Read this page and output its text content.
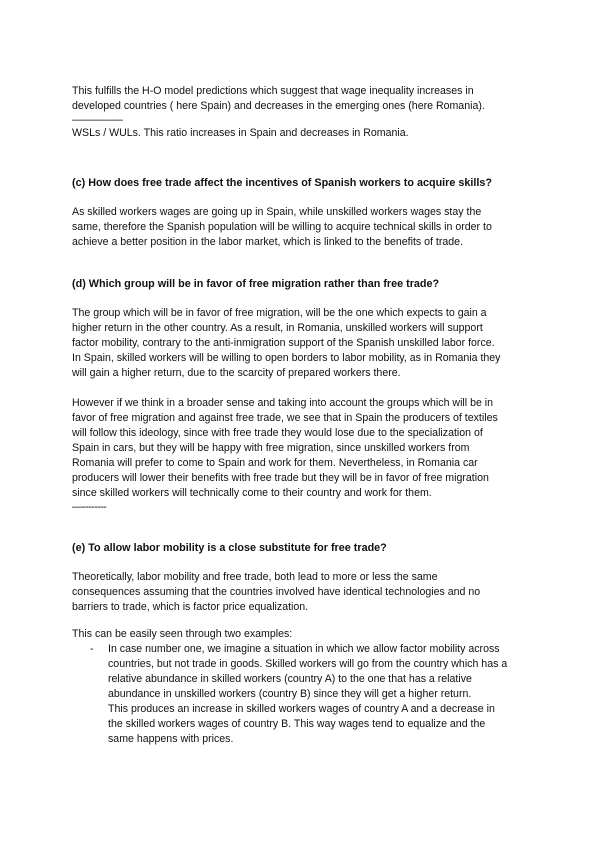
This fulfills the H-O model predictions which suggest that wage inequality increases in
developed countries ( here Spain) and decreases in the emerging ones (here Romania).
—————
WSLs / WULs. This ratio increases in Spain and decreases in Romania.
(c) How does free trade affect the incentives of Spanish workers to acquire skills?
As skilled workers wages are going up in Spain, while unskilled workers wages stay the
same, therefore the Spanish population will be willing to acquire technical skills in order to
achieve a better position in the labor market, which is linked to the benefits of trade.
(d) Which group will be in favor of free migration rather than free trade?
The group which will be in favor of free migration, will be the one which expects to gain a
higher return in the other country. As a result, in Romania, unskilled workers will support
factor mobility, contrary to the anti-inmigration support of the Spanish unskilled labor force.
In Spain, skilled workers will be willing to open borders to labor mobility, as in Romania they
will gain a higher return, due to the scarcity of prepared workers there.
However if we think in a broader sense and taking into account the groups which will be in
favor of free migration and against free trade, we see that in Spain the producers of textiles
will follow this ideology, since with free trade they would lose due to the specialization of
Spain in cars, but they will be happy with free migration, since unskilled workers from
Romania will prefer to come to Spain and work for them. Nevertheless, in Romania car
producers will lower their benefits with free trade but they will be in favor of free migration
since skilled workers will technically come to their country and work for them.
—--------
(e) To allow labor mobility is a close substitute for free trade?
Theoretically, labor mobility and free trade, both lead to more or less the same
consequences assuming that the countries involved have identical technologies and no
barriers to trade, which is factor price equalization.
This can be easily seen through two examples:
- In case number one, we imagine a situation in which we allow factor mobility across
countries, but not trade in goods. Skilled workers will go from the country which has a
relative abundance in skilled workers (country A) to the one that has a relative
abundance in unskilled workers (country B) since they will get a higher return.
This produces an increase in skilled workers wages of country A and a decrease in
the skilled workers wages of country B. This way wages tend to equalize and the
same happens with prices.
